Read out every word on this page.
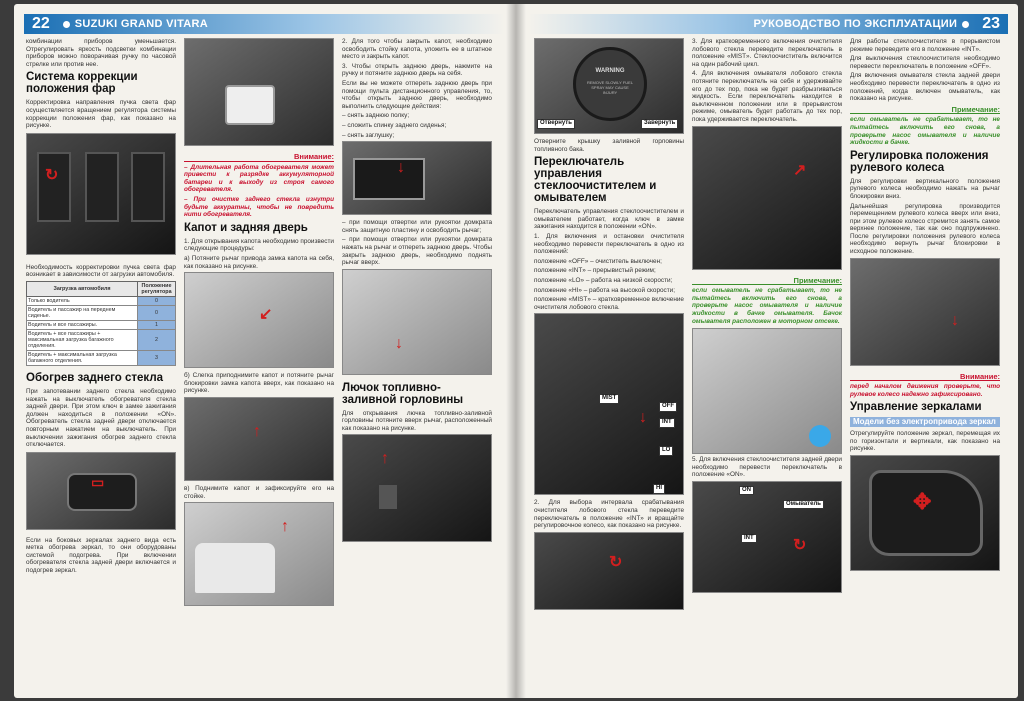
22	SUZUKI GRAND VITARA

комбинации приборов уменьшается. Отрегулировать яркость подсветки комбинации приборов можно поворачивая ручку по часовой стрелке или против нее.

Система коррекции положения фар

Корректировка направления пучка света фар осуществляется вращением регулятора системы коррекции положения фар, как показано на рисунке.

↻

Необходимость корректировки пучка света фар возникает в зависимости от загрузки автомобиля.

Загрузка автомобиля	Положение регулятора
Только водитель	0
Водитель и пассажир на переднем сиденье.	0
Водитель и все пассажиры.	1
Водитель + все пассажиры + максимальная загрузка багажного отделения.	2
Водитель + максимальная загрузка багажного отделения.	3
Обогрев заднего стекла

При запотевании заднего стекла необходимо нажать на выключатель обогревателя стекла задней двери. При этом ключ в замке зажигания должен находиться в положении «ON». Обогреватель стекла задней двери отключается повторным нажатием на выключатель. При выключении зажигания обогрев заднего стекла отключается.

▭

Если на боковых зеркалах заднего вида есть метка обогрева зеркал, то они оборудованы системой подогрева. При включении обогревателя стекла задней двери включается и подогрев зеркал.

Внимание:

– Длительная работа обогревателя может привести к разрядке аккумуляторной батареи и к выходу из строя самого обогревателя.

– При очистке заднего стекла изнутри будьте аккуратны, чтобы не повредить нити обогревателя.

Капот и задняя дверь

1. Для открывания капота необходимо произвести следующие процедуры:

а) Потяните рычаг привода замка капота на себя, как показано на рисунке.

↙

б) Слегка приподнимите капот и потяните рычаг блокировки замка капота вверх, как показано на рисунке.

↑

в) Поднимите капот и зафиксируйте его на стойке.

↑

2. Для того чтобы закрыть капот, необходимо освободить стойку капота, уложить ее в штатное место и закрыть капот.

3. Чтобы открыть заднюю дверь, нажмите на ручку и потяните заднюю дверь на себя.

Если вы не можете отпереть заднюю дверь при помощи пульта дистанционного управления, то, чтобы открыть заднюю дверь, необходимо выполнить следующие действия:

– снять заднюю полку;

– сложить спинку заднего сиденья;

– снять заглушку;

↓

– при помощи отвертки или рукоятки домкрата снять защитную пластину и освободить рычаг;

– при помощи отвертки или рукоятки домкрата нажать на рычаг и отпереть заднюю дверь. Чтобы закрыть заднюю дверь, необходимо поднять рычаг вверх.

↓
Лючок топливно-заливной горловины

Для открывания лючка топливно-заливной горловины потяните вверх рычаг, расположенный как показано на рисунке.

↑
РУКОВОДСТВО ПО ЭКСПЛУАТАЦИИ	23
WARNING
REMOVE SLOWLY FUEL SPRAY MAY CAUSE INJURY
Отвернуть	Завернуть

Отверните крышку заливной горловины топливного бака.

Переключатель управления стеклоочистителем и омывателем

Переключатель управления стеклоочистителем и омывателем работает, когда ключ в замке зажигания находится в положении «ON».

1. Для включения и остановки очистителя необходимо перевести переключатель в одно из положений:

положение «OFF» – очиститель выключен;

положение «INT» – прерывистый режим;

положение «LO» – работа на низкой скорости;

положение «HI» – работа на высокой скорости;

положение «MIST» – кратковременное включение очистителя лобового стекла.

MIST
OFF
INT
LO
HI
↓

2. Для выбора интервала срабатывания очистителя лобового стекла переведите переключатель в положение «INT» и вращайте регулировочное колесо, как показано на рисунке.

↻

3. Для кратковременного включения очистителя лобового стекла переведите переключатель в положение «MIST». Стеклоочиститель включится на один рабочий цикл.

4. Для включения омывателя лобового стекла потяните переключатель на себя и удерживайте его до тех пор, пока не будет разбрызгиваться жидкость. Если переключатель находится в выключенном положении или в прерывистом режиме, омыватель будет работать до тех пор, пока удерживается переключатель.

↗
Примечание:

если омыватель не срабатывает, то не пытайтесь включить его снова, а проверьте насос омывателя и наличие жидкости в бачке омывателя. Бачок омывателя расположен в моторном отсеке.

5. Для включения стеклоочистителя задней двери необходимо перевести переключатель в положение «ON».

ON
Омыватель
INT ↻

Для работы стеклоочистителя в прерывистом режиме переведите его в положение «INT».

Для выключения стеклоочистителя необходимо перевести переключатель в положение «OFF».

Для включения омывателя стекла задней двери необходимо перевести переключатель в одно из положений, когда включен омыватель, как показано на рисунке.

Примечание:

если омыватель не срабатывает, то не пытайтесь включить его снова, а проверьте насос омывателя и наличие жидкости в бачке.

Регулировка положения рулевого колеса

Для регулировки вертикального положения рулевого колеса необходимо нажать на рычаг блокировки вниз.

Дальнейшая регулировка производится перемещением рулевого колеса вверх или вниз, при этом рулевое колесо стремится занять самое верхнее положение, так как оно подпружинено. После регулировки положения рулевого колеса необходимо вернуть рычаг блокировки в исходное положение.

↓
Внимание:

перед началом движения проверьте, что рулевое колесо надежно зафиксировано.

Управление зеркалами
Модели без электропривода зеркал

Отрегулируйте положение зеркал, перемещая их по горизонтали и вертикали, как показано на рисунке.

✥
